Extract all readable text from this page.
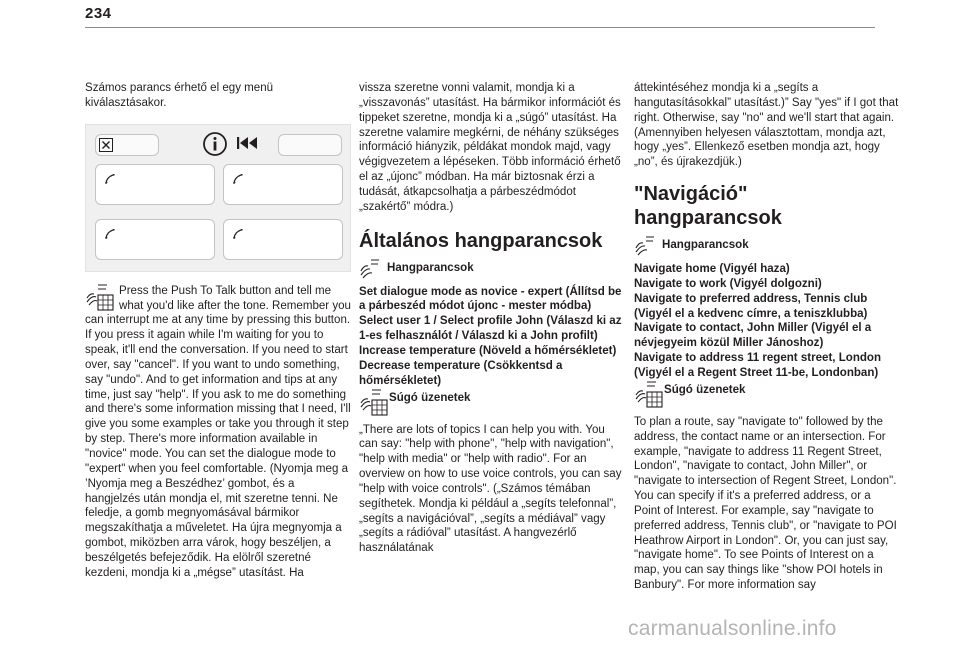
234

Számos parancs érhető el egy menü kiválasztásakor.

Press the Push To Talk button and tell me what you'd like after the tone. Remember you can interrupt me at any time by pressing this button. If you press it again while I'm waiting for you to speak, it'll end the conversation. If you need to start over, say "cancel". If you want to undo something, say "undo". And to get information and tips at any time, just say "help". If you ask to me do something and there's some information missing that I need, I'll give you some examples or take you through it step by step. There's more information available in "novice" mode. You can set the dialogue mode to "expert" when you feel comfortable. (Nyomja meg a ’Nyomja meg a Beszédhez’ gombot, és a hangjelzés után mondja el, mit szeretne tenni. Ne feledje, a gomb megnyomásával bármikor megszakíthatja a műveletet. Ha újra megnyomja a gombot, miközben arra várok, hogy beszéljen, a beszélgetés befejeződik. Ha elölről szeretné kezdeni, mondja ki a „mégse” utasítást. Ha

vissza szeretne vonni valamit, mondja ki a „visszavonás” utasítást. Ha bármikor információt és tippeket szeretne, mondja ki a „súgó” utasítást. Ha szeretne valamire megkérni, de néhány szükséges információ hiányzik, példákat mondok majd, vagy végigvezetem a lépéseken. Több információ érhető el az „újonc” módban. Ha már biztosnak érzi a tudását, átkapcsolhatja a párbeszédmódot „szakértő” módra.)

Általános hangparancsok
Hangparancsok

Set dialogue mode as novice - expert (Állítsd be a párbeszéd módot újonc - mester módba)

Select user 1 / Select profile John (Válaszd ki az 1-es felhasználót / Válaszd ki a John profilt)

Increase temperature (Növeld a hőmérsékletet)

Decrease temperature (Csökkentsd a hőmérsékletet)

Súgó üzenetek

„There are lots of topics I can help you with. You can say: "help with phone", "help with navigation", "help with media" or "help with radio". For an overview on how to use voice controls, you can say "help with voice controls". („Számos témában segíthetek. Mondja ki például a „segíts telefonnal”, „segíts a navigációval”, „segíts a médiával” vagy „segíts a rádióval” utasítást. A hangvezérlő használatának

áttekintéséhez mondja ki a „segíts a hangutasításokkal” utasítást.)” Say "yes" if I got that right. Otherwise, say "no" and we'll start that again. (Amennyiben helyesen választottam, mondja azt, hogy „yes”. Ellenkező esetben mondja azt, hogy „no”, és újrakezdjük.)

"Navigáció" hangparancsok
Hangparancsok

Navigate home (Vigyél haza)

Navigate to work (Vigyél dolgozni)

Navigate to preferred address, Tennis club (Vigyél el a kedvenc címre, a teniszklubba)

Navigate to contact, John Miller (Vigyél el a névjegyeim közül Miller Jánoshoz)

Navigate to address 11 regent street, London (Vigyél el a Regent Street 11-be, Londonban)

Súgó üzenetek

To plan a route, say "navigate to" followed by the address, the contact name or an intersection. For example, "navigate to address 11 Regent Street, London", "navigate to contact, John Miller", or "navigate to intersection of Regent Street, London". You can specify if it's a preferred address, or a Point of Interest. For example, say "navigate to preferred address, Tennis club", or "navigate to POI Heathrow Airport in London". Or, you can just say, "navigate home". To see Points of Interest on a map, you can say things like "show POI hotels in Banbury". For more information say

carmanualsonline.info
